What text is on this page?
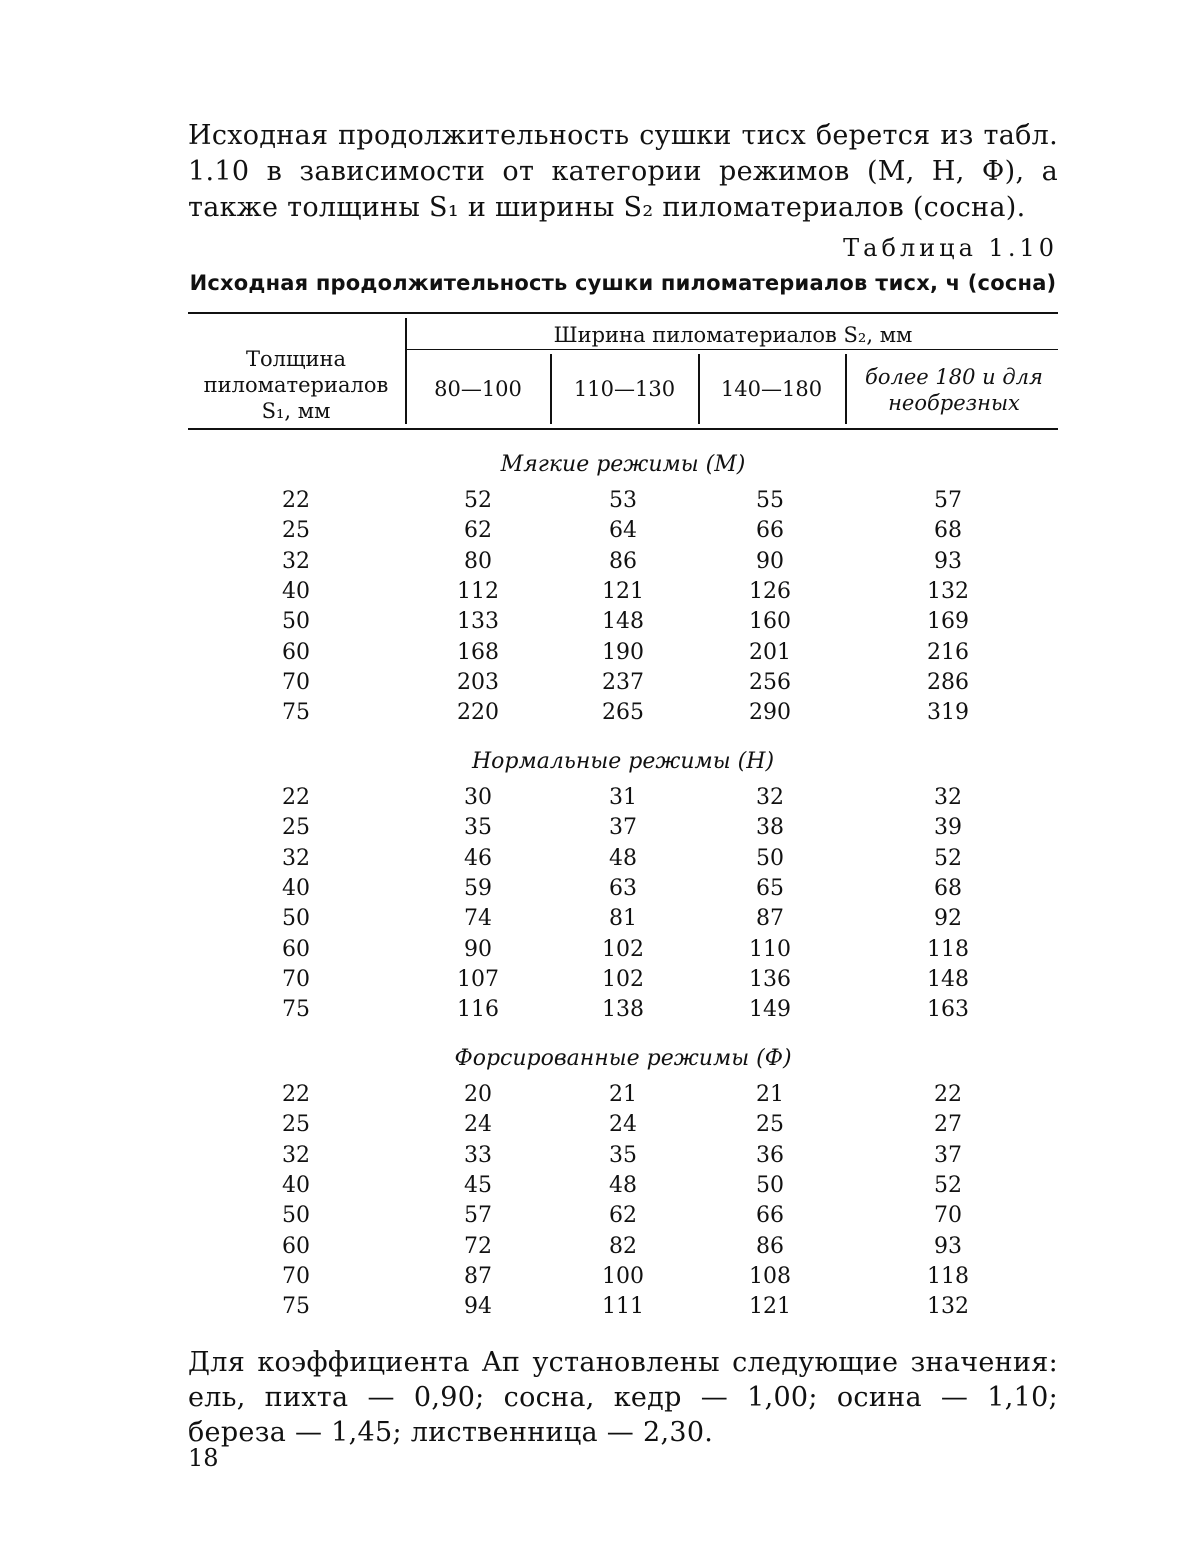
Исходная продолжительность сушки τисх берется из табл. 1.10 в зависимости от категории режимов (М, Н, Ф), а также толщины S₁ и ширины S₂ пиломатериалов (сосна).
Таблица 1.10
Исходная продолжительность сушки пиломатериалов τисх, ч (сосна)
Толщина пиломатериалов S₁, мм
Ширина пиломатериалов S₂, мм
80—100	110—130	140—180	более 180 и для необрезных
Мягкие режимы (М)
22	52	53	55	57
25	62	64	66	68
32	80	86	90	93
40	112	121	126	132
50	133	148	160	169
60	168	190	201	216
70	203	237	256	286
75	220	265	290	319
Нормальные режимы (Н)
22	30	31	32	32
25	35	37	38	39
32	46	48	50	52
40	59	63	65	68
50	74	81	87	92
60	90	102	110	118
70	107	102	136	148
75	116	138	149	163
Форсированные режимы (Ф)
22	20	21	21	22
25	24	24	25	27
32	33	35	36	37
40	45	48	50	52
50	57	62	66	70
60	72	82	86	93
70	87	100	108	118
75	94	111	121	132
Для коэффициента Aп установлены следующие значения: ель, пихта — 0,90; сосна, кедр — 1,00; осина — 1,10; береза — 1,45; лиственница — 2,30.
18
